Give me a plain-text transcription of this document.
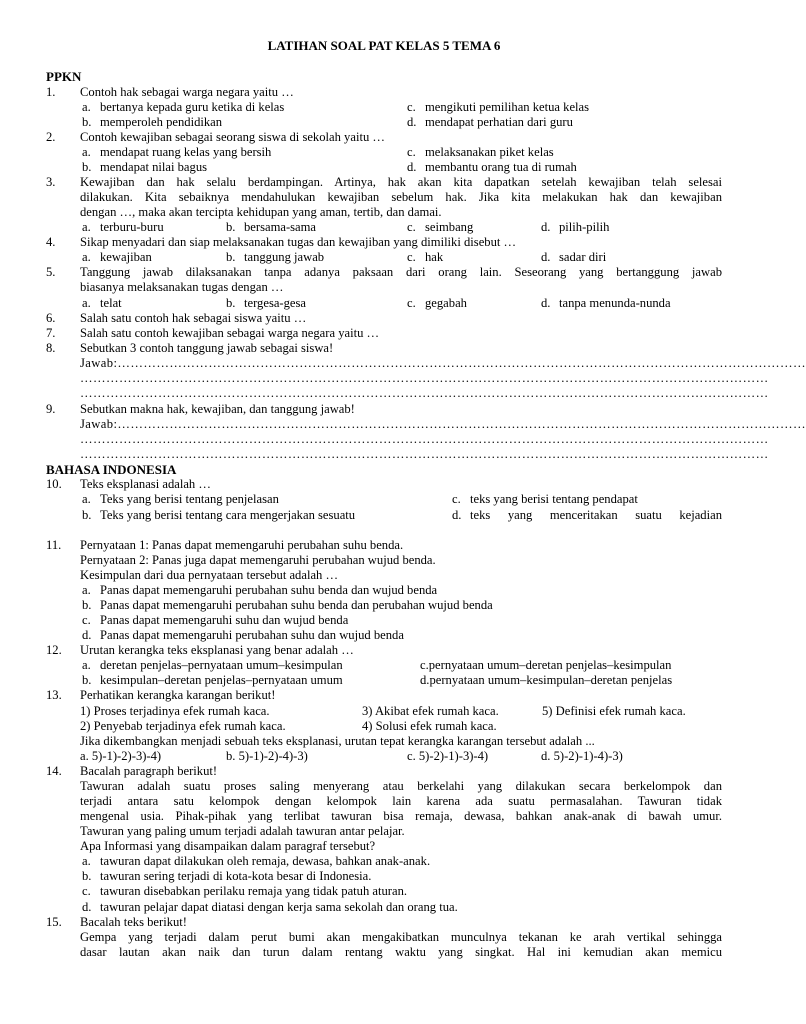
LATIHAN SOAL PAT KELAS 5 TEMA 6
PPKN
1. Contoh hak sebagai warga negara yaitu …
a. bertanya kepada guru ketika di kelas	c. mengikuti pemilihan ketua kelas
b. memperoleh pendidikan	d. mendapat perhatian dari guru
2. Contoh kewajiban sebagai seorang siswa di sekolah yaitu …
a. mendapat ruang kelas yang bersih	c. melaksanakan piket kelas
b. mendapat nilai bagus	d. membantu orang tua di rumah
3. Kewajiban dan hak selalu berdampingan. Artinya, hak akan kita dapatkan setelah kewajiban telah selesai
dilakukan. Kita sebaiknya mendahulukan kewajiban sebelum hak. Jika kita melakukan hak dan kewajiban
dengan …, maka akan tercipta kehidupan yang aman, tertib, dan damai.
a. terburu-buru	b. bersama-sama	c. seimbang	d. pilih-pilih
4. Sikap menyadari dan siap melaksanakan tugas dan kewajiban yang dimiliki disebut …
a. kewajiban	b. tanggung jawab	c. hak	d. sadar diri
5. Tanggung jawab dilaksanakan tanpa adanya paksaan dari orang lain. Seseorang yang bertanggung jawab
biasanya melaksanakan tugas dengan …
a. telat	b. tergesa-gesa	c. gegabah	d. tanpa menunda-nunda
6. Salah satu contoh hak sebagai siswa yaitu …
7. Salah satu contoh kewajiban sebagai warga negara yaitu …
8. Sebutkan 3 contoh tanggung jawab sebagai siswa!
Jawab:……………………………………………………………………………………………………………………………………………
……………………………………………………………………………………………………………………………………………
……………………………………………………………………………………………………………………………………………
9. Sebutkan makna hak, kewajiban, dan tanggung jawab!
Jawab:……………………………………………………………………………………………………………………………………………
……………………………………………………………………………………………………………………………………………
……………………………………………………………………………………………………………………………………………
BAHASA INDONESIA
10. Teks eksplanasi adalah …
a. Teks yang berisi tentang penjelasan	c. teks yang berisi tentang pendapat
b. Teks yang berisi tentang cara mengerjakan sesuatu	d. teks yang menceritakan suatu kejadian
11. Pernyataan 1: Panas dapat memengaruhi perubahan suhu benda.
Pernyataan 2: Panas juga dapat memengaruhi perubahan wujud benda.
Kesimpulan dari dua pernyataan tersebut adalah …
a. Panas dapat memengaruhi perubahan suhu benda dan wujud benda
b. Panas dapat memengaruhi perubahan suhu benda dan perubahan wujud benda
c. Panas dapat memengaruhi suhu dan wujud benda
d. Panas dapat memengaruhi perubahan suhu dan wujud benda
12. Urutan kerangka teks eksplanasi yang benar adalah …
a. deretan penjelas–pernyataan umum–kesimpulan	c.pernyataan umum–deretan penjelas–kesimpulan
b. kesimpulan–deretan penjelas–pernyataan umum	d.pernyataan umum–kesimpulan–deretan penjelas
13. Perhatikan kerangka karangan berikut!
1) Proses terjadinya efek rumah kaca.	3) Akibat efek rumah kaca.	5) Definisi efek rumah kaca.
2) Penyebab terjadinya efek rumah kaca.	4) Solusi efek rumah kaca.
Jika dikembangkan menjadi sebuah teks eksplanasi, urutan tepat kerangka karangan tersebut adalah ...
a. 5)-1)-2)-3)-4)	b. 5)-1)-2)-4)-3)	c. 5)-2)-1)-3)-4)	d. 5)-2)-1)-4)-3)
14. Bacalah paragraph berikut!
Tawuran adalah suatu proses saling menyerang atau berkelahi yang dilakukan secara berkelompok dan
terjadi antara satu kelompok dengan kelompok lain karena ada suatu permasalahan. Tawuran tidak
mengenal usia. Pihak-pihak yang terlibat tawuran bisa remaja, dewasa, bahkan anak-anak di bawah umur.
Tawuran yang paling umum terjadi adalah tawuran antar pelajar.
Apa Informasi yang disampaikan dalam paragraf tersebut?
a. tawuran dapat dilakukan oleh remaja, dewasa, bahkan anak-anak.
b. tawuran sering terjadi di kota-kota besar di Indonesia.
c. tawuran disebabkan perilaku remaja yang tidak patuh aturan.
d. tawuran pelajar dapat diatasi dengan kerja sama sekolah dan orang tua.
15. Bacalah teks berikut!
Gempa yang terjadi dalam perut bumi akan mengakibatkan munculnya tekanan ke arah vertikal sehingga
dasar lautan akan naik dan turun dalam rentang waktu yang singkat. Hal ini kemudian akan memicu
